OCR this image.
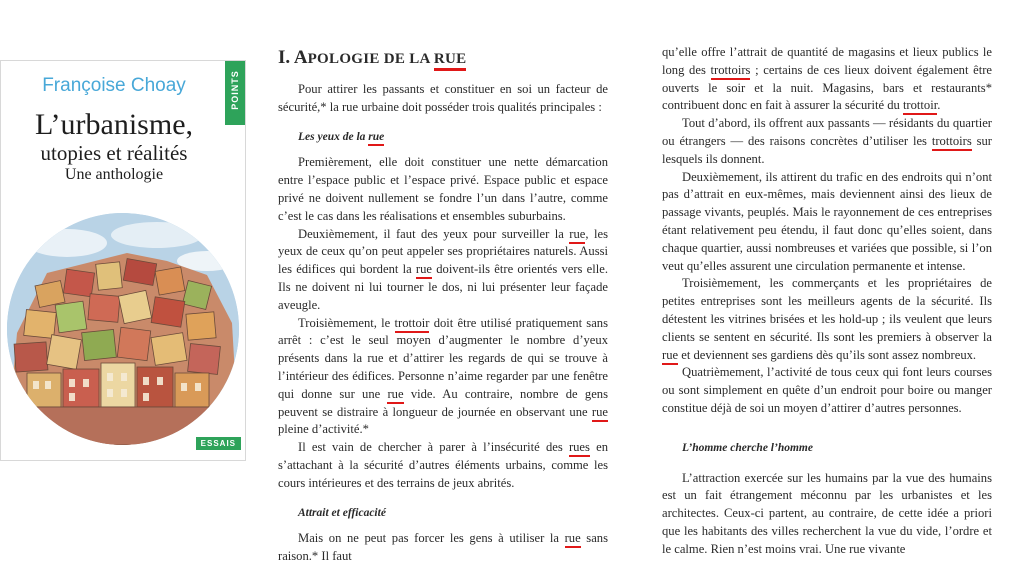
Françoise Choay
L’urbanisme,
utopies et réalités
Une anthologie
POINTS
ESSAIS

I. APOLOGIE DE LA RUE

Pour attirer les passants et constituer en soi un facteur de sécurité,* la rue urbaine doit posséder trois qualités principales :

Les yeux de la rue

Premièrement, elle doit constituer une nette démarcation entre l’espace public et l’espace privé. Espace public et espace privé ne doivent nullement se fondre l’un dans l’autre, comme c’est le cas dans les réalisations et ensembles suburbains.

Deuxièmement, il faut des yeux pour surveiller la rue, les yeux de ceux qu’on peut appeler ses propriétaires naturels. Aussi les édifices qui bordent la rue doivent-ils être orientés vers elle. Ils ne doivent ni lui tourner le dos, ni lui présenter leur façade aveugle.

Troisièmement, le trottoir doit être utilisé pratiquement sans arrêt : c’est le seul moyen d’augmenter le nombre d’yeux présents dans la rue et d’attirer les regards de qui se trouve à l’intérieur des édifices. Personne n’aime regarder par une fenêtre qui donne sur une rue vide. Au contraire, nombre de gens peuvent se distraire à longueur de journée en observant une rue pleine d’activité.*

Il est vain de chercher à parer à l’insécurité des rues en s’attachant à la sécurité d’autres éléments urbains, comme les cours intérieures et des terrains de jeux abrités.

Attrait et efficacité

Mais on ne peut pas forcer les gens à utiliser la rue sans raison.* Il faut

qu’elle offre l’attrait de quantité de magasins et lieux publics le long des trottoirs ; certains de ces lieux doivent également être ouverts le soir et la nuit. Magasins, bars et restaurants* contribuent donc en fait à assurer la sécurité du trottoir.

Tout d’abord, ils offrent aux passants — résidants du quartier ou étrangers — des raisons concrètes d’utiliser les trottoirs sur lesquels ils donnent.

Deuxièmement, ils attirent du trafic en des endroits qui n’ont pas d’attrait en eux-mêmes, mais deviennent ainsi des lieux de passage vivants, peuplés. Mais le rayonnement de ces entreprises étant relativement peu étendu, il faut donc qu’elles soient, dans chaque quartier, aussi nombreuses et variées que possible, si l’on veut qu’elles assurent une circulation permanente et intense.

Troisièmement, les commerçants et les propriétaires de petites entreprises sont les meilleurs agents de la sécurité. Ils détestent les vitrines brisées et les hold-up ; ils veulent que leurs clients se sentent en sécurité. Ils sont les premiers à observer la rue et deviennent ses gardiens dès qu’ils sont assez nombreux.

Quatrièmement, l’activité de tous ceux qui font leurs courses ou sont simplement en quête d’un endroit pour boire ou manger constitue déjà de soi un moyen d’attirer d’autres personnes.

L’homme cherche l’homme

L’attraction exercée sur les humains par la vue des humains est un fait étrangement méconnu par les urbanistes et les architectes. Ceux-ci partent, au contraire, de cette idée a priori que les habitants des villes recherchent la vue du vide, l’ordre et le calme. Rien n’est moins vrai. Une rue vivante
